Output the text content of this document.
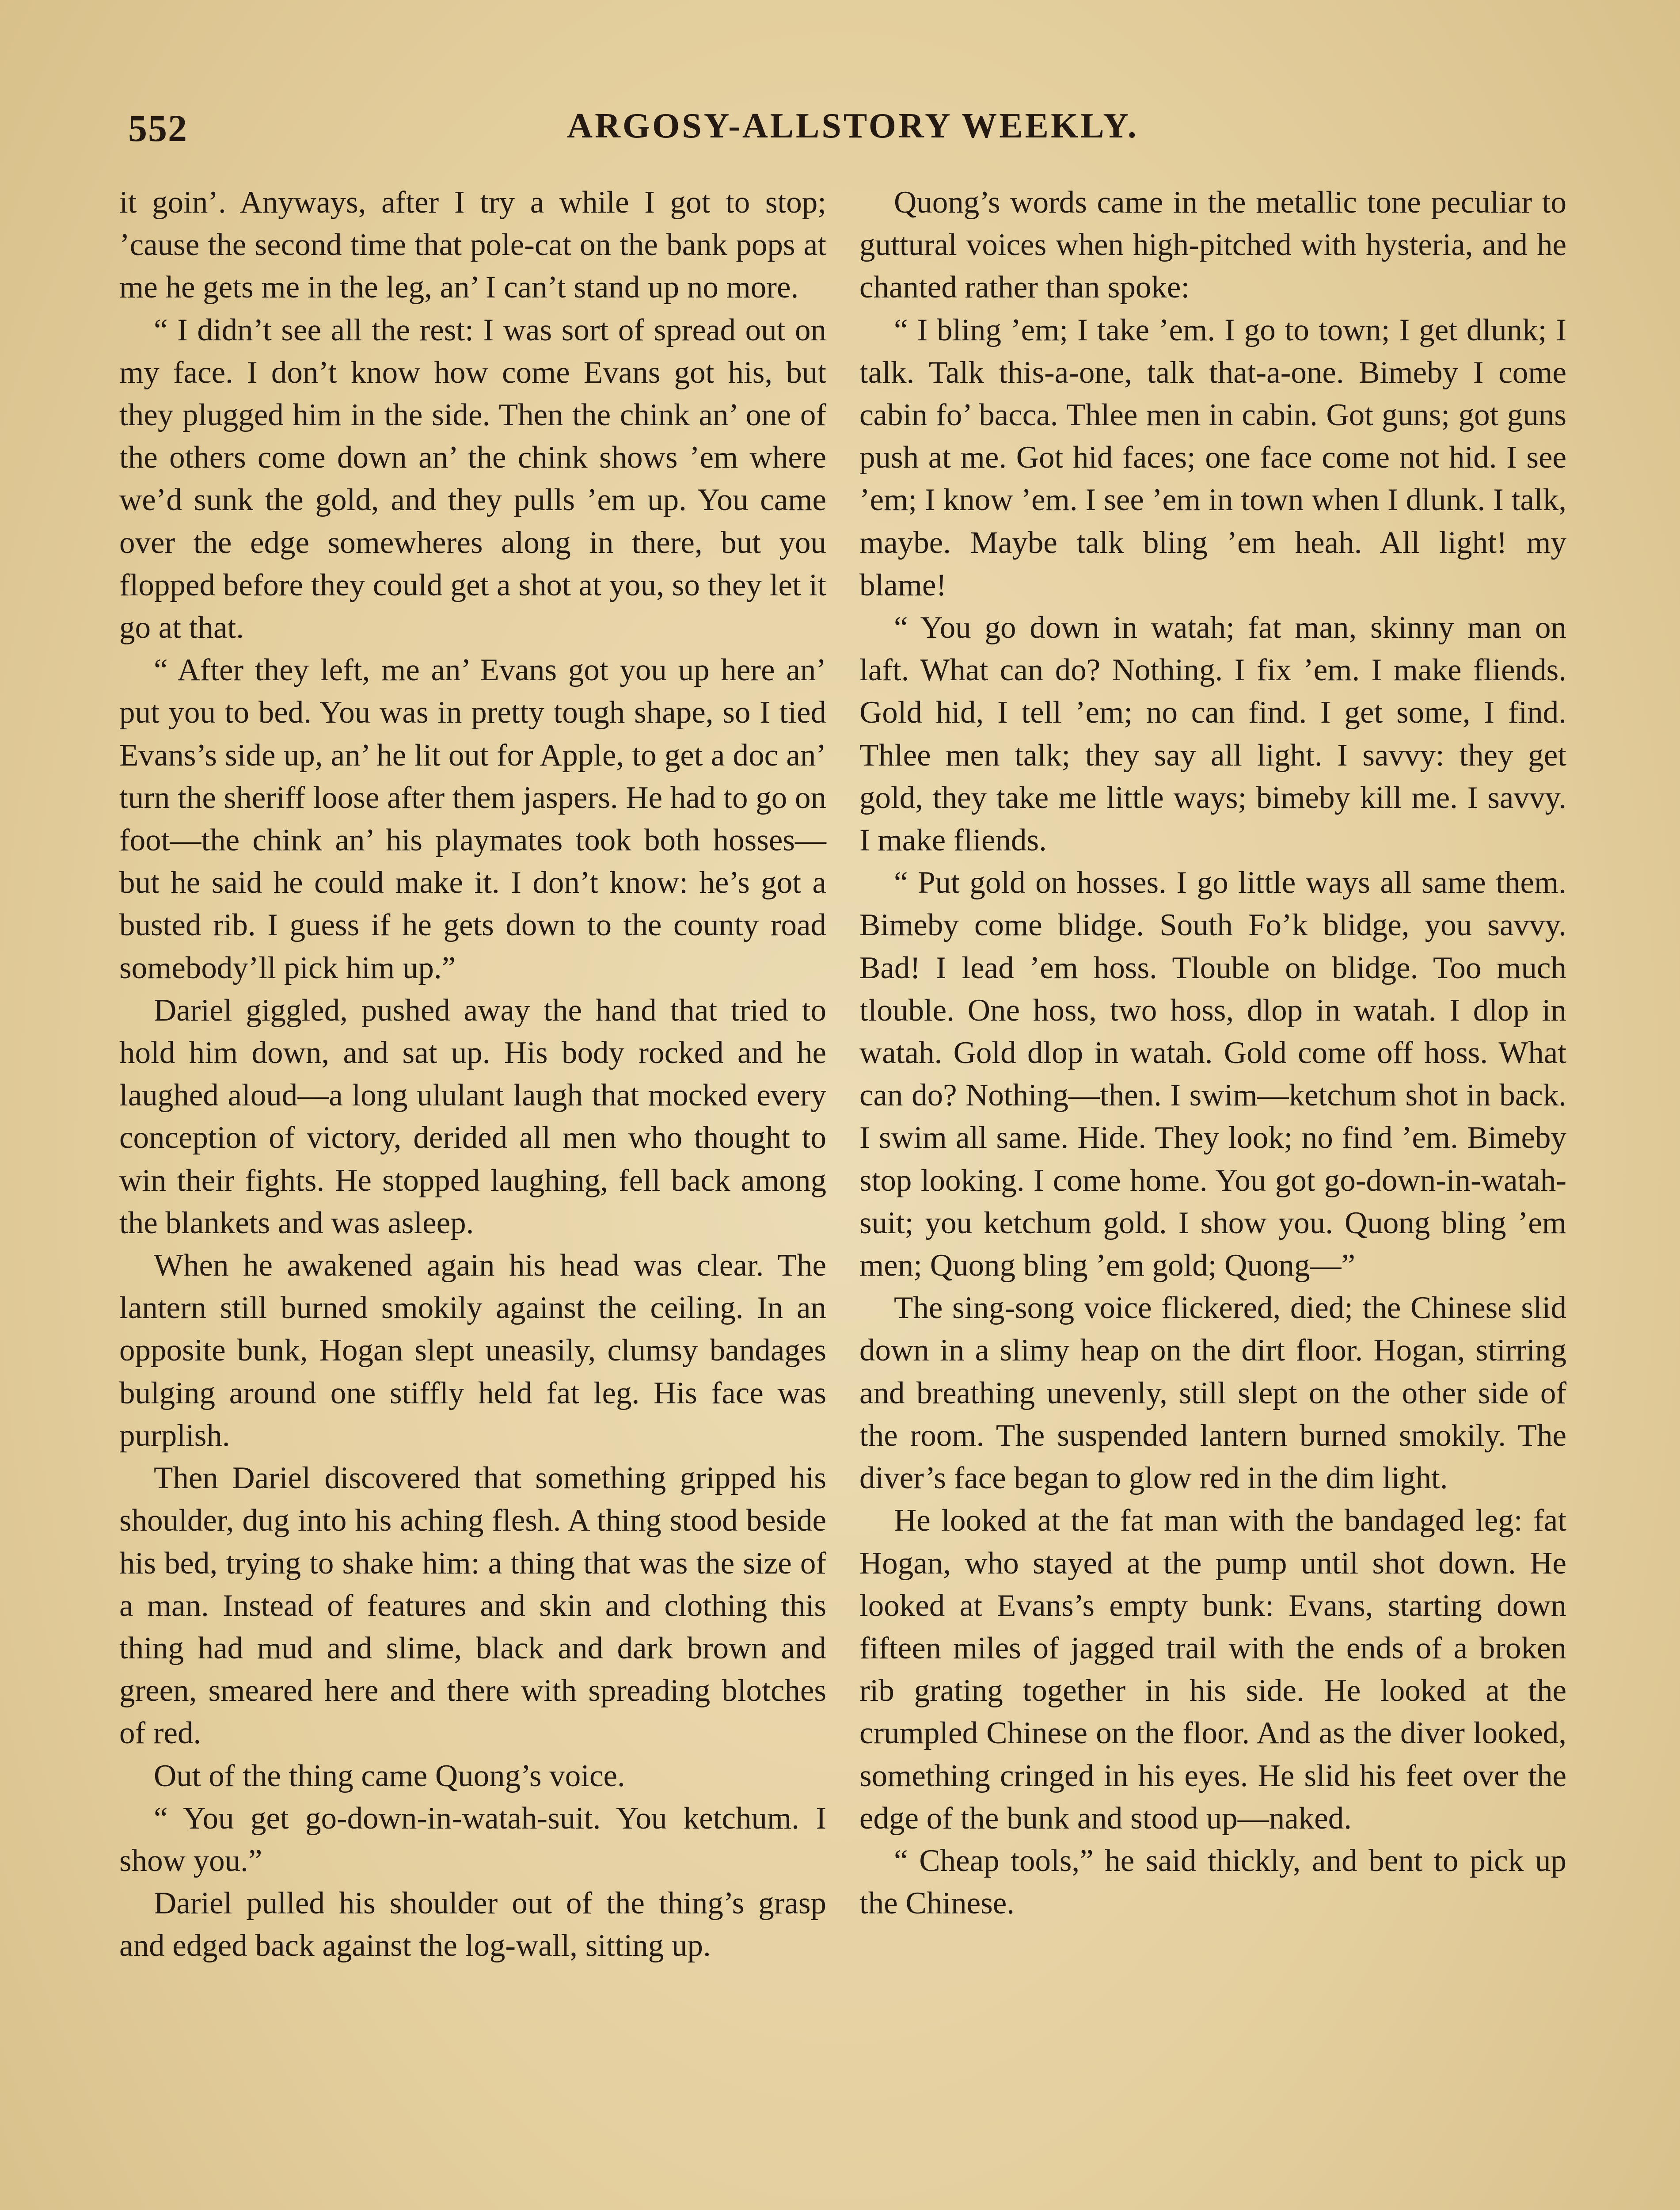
552	ARGOSY-ALLSTORY WEEKLY.

it goin’. Anyways, after I try a while I got to stop; ’cause the second time that pole-cat on the bank pops at me he gets me in the leg, an’ I can’t stand up no more.

“ I didn’t see all the rest: I was sort of spread out on my face. I don’t know how come Evans got his, but they plugged him in the side. Then the chink an’ one of the others come down an’ the chink shows ’em where we’d sunk the gold, and they pulls ’em up. You came over the edge somewheres along in there, but you flopped before they could get a shot at you, so they let it go at that.

“ After they left, me an’ Evans got you up here an’ put you to bed. You was in pretty tough shape, so I tied Evans’s side up, an’ he lit out for Apple, to get a doc an’ turn the sheriff loose after them jaspers. He had to go on foot—the chink an’ his playmates took both hosses—but he said he could make it. I don’t know: he’s got a busted rib. I guess if he gets down to the county road somebody’ll pick him up.”

Dariel giggled, pushed away the hand that tried to hold him down, and sat up. His body rocked and he laughed aloud—a long ululant laugh that mocked every conception of victory, derided all men who thought to win their fights. He stopped laughing, fell back among the blankets and was asleep.

When he awakened again his head was clear. The lantern still burned smokily against the ceiling. In an opposite bunk, Hogan slept uneasily, clumsy bandages bulging around one stiffly held fat leg. His face was purplish.

Then Dariel discovered that something gripped his shoulder, dug into his aching flesh. A thing stood beside his bed, trying to shake him: a thing that was the size of a man. Instead of features and skin and clothing this thing had mud and slime, black and dark brown and green, smeared here and there with spreading blotches of red.

Out of the thing came Quong’s voice.

“ You get go-down-in-watah-suit. You ketchum. I show you.”

Dariel pulled his shoulder out of the thing’s grasp and edged back against the log-wall, sitting up.

Quong’s words came in the metallic tone peculiar to guttural voices when high-pitched with hysteria, and he chanted rather than spoke:

“ I bling ’em; I take ’em. I go to town; I get dlunk; I talk. Talk this-a-one, talk that-a-one. Bimeby I come cabin fo’ bacca. Thlee men in cabin. Got guns; got guns push at me. Got hid faces; one face come not hid. I see ’em; I know ’em. I see ’em in town when I dlunk. I talk, maybe. Maybe talk bling ’em heah. All light! my blame!

“ You go down in watah; fat man, skinny man on laft. What can do? Nothing. I fix ’em. I make fliends. Gold hid, I tell ’em; no can find. I get some, I find. Thlee men talk; they say all light. I savvy: they get gold, they take me little ways; bimeby kill me. I savvy. I make fliends.

“ Put gold on hosses. I go little ways all same them. Bimeby come blidge. South Fo’k blidge, you savvy. Bad! I lead ’em hoss. Tlouble on blidge. Too much tlouble. One hoss, two hoss, dlop in watah. I dlop in watah. Gold dlop in watah. Gold come off hoss. What can do? Nothing—then. I swim—ketchum shot in back. I swim all same. Hide. They look; no find ’em. Bimeby stop looking. I come home. You got go-down-in-watah-suit; you ketchum gold. I show you. Quong bling ’em men; Quong bling ’em gold; Quong—”

The sing-song voice flickered, died; the Chinese slid down in a slimy heap on the dirt floor. Hogan, stirring and breathing unevenly, still slept on the other side of the room. The suspended lantern burned smokily. The diver’s face began to glow red in the dim light.

He looked at the fat man with the bandaged leg: fat Hogan, who stayed at the pump until shot down. He looked at Evans’s empty bunk: Evans, starting down fifteen miles of jagged trail with the ends of a broken rib grating together in his side. He looked at the crumpled Chinese on the floor. And as the diver looked, something cringed in his eyes. He slid his feet over the edge of the bunk and stood up—naked.

“ Cheap tools,” he said thickly, and bent to pick up the Chinese.
